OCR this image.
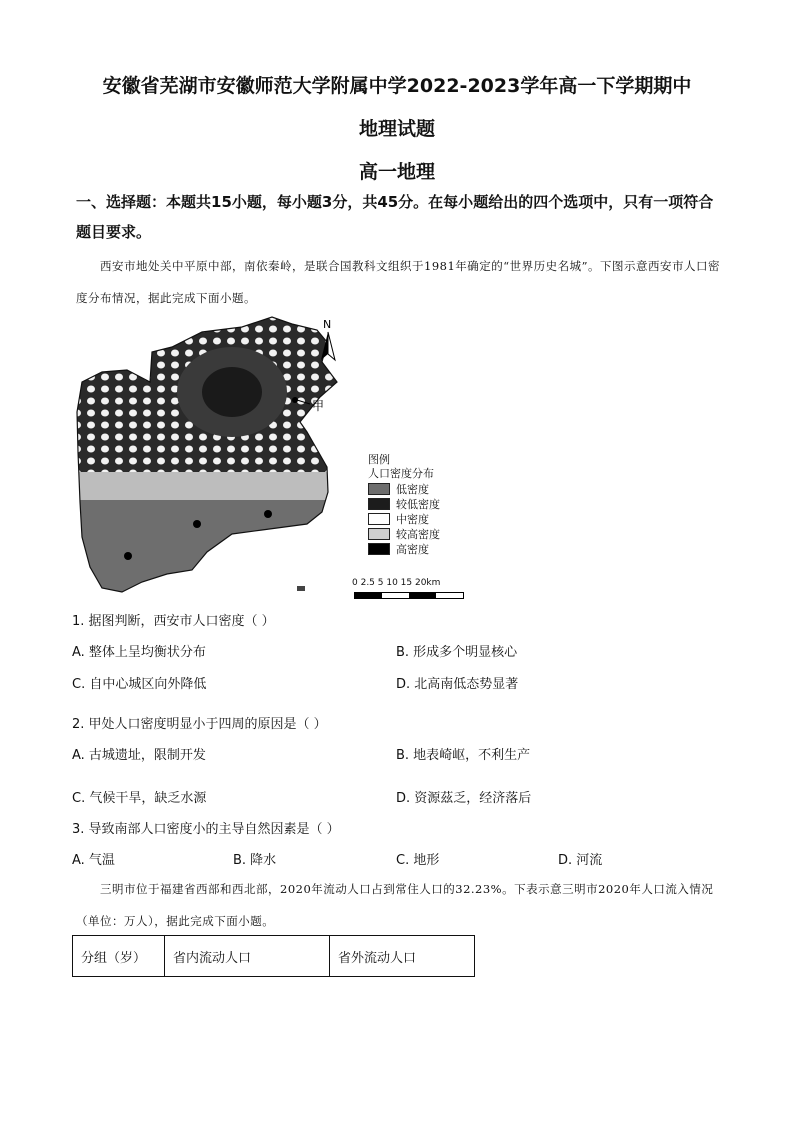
安徽省芜湖市安徽师范大学附属中学2022-2023学年高一下学期期中
地理试题
高一地理
一、选择题：本题共15小题，每小题3分，共45分。在每小题给出的四个选项中，只有一项符合题目要求。
西安市地处关中平原中部，南依秦岭，是联合国教科文组织于1981年确定的“世界历史名城”。下图示意西安市人口密度分布情况，据此完成下面小题。
N
甲
图例
人口密度分布
低密度
较低密度
中密度
较高密度
高密度
0 2.5 5 10 15 20km
1. 据图判断，西安市人口密度（ ）
A. 整体上呈均衡状分布	B. 形成多个明显核心
C. 自中心城区向外降低	D. 北高南低态势显著
2. 甲处人口密度明显小于四周的原因是（ ）
A. 古城遗址，限制开发	B. 地表崎岖，不利生产
C. 气候干旱，缺乏水源	D. 资源茲乏，经济落后
3. 导致南部人口密度小的主导自然因素是（ ）
A. 气温	B. 降水	C. 地形	D. 河流
三明市位于福建省西部和西北部，2020年流动人口占到常住人口的32.23%。下表示意三明市2020年人口流入情况（单位：万人），据此完成下面小题。
分组（岁）	省内流动人口	省外流动人口
